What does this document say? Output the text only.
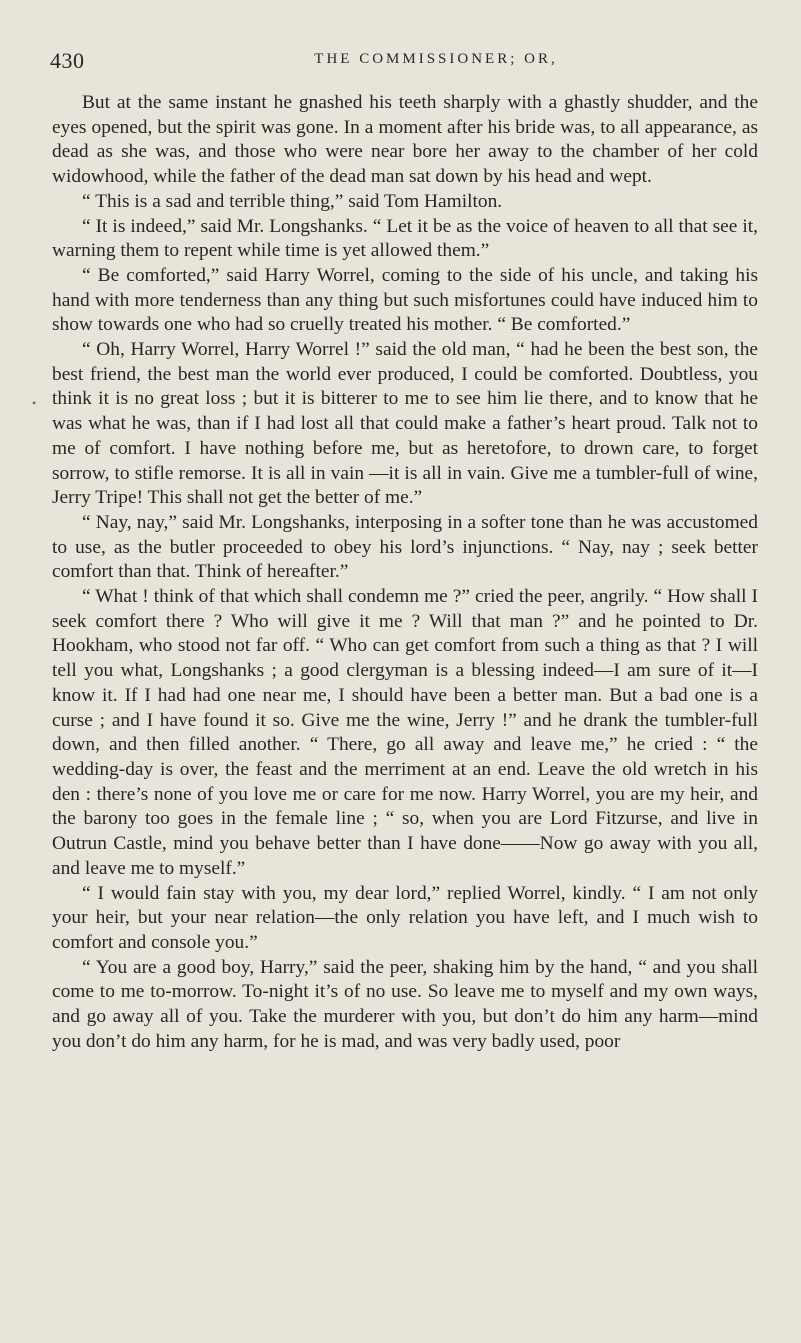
430	THE COMMISSIONER; OR,
•

But at the same instant he gnashed his teeth sharply with a ghastly shudder, and the eyes opened, but the spirit was gone. In a moment after his bride was, to all appearance, as dead as she was, and those who were near bore her away to the chamber of her cold widowhood, while the father of the dead man sat down by his head and wept.

“ This is a sad and terrible thing,” said Tom Hamilton.

“ It is indeed,” said Mr. Longshanks. “ Let it be as the voice of heaven to all that see it, warning them to repent while time is yet allowed them.”

“ Be comforted,” said Harry Worrel, coming to the side of his uncle, and taking his hand with more tenderness than any thing but such misfortunes could have induced him to show towards one who had so cruelly treated his mother. “ Be comforted.”

“ Oh, Harry Worrel, Harry Worrel !” said the old man, “ had he been the best son, the best friend, the best man the world ever produced, I could be comforted. Doubtless, you think it is no great loss ; but it is bitterer to me to see him lie there, and to know that he was what he was, than if I had lost all that could make a father’s heart proud. Talk not to me of comfort. I have nothing before me, but as heretofore, to drown care, to forget sorrow, to stifle remorse. It is all in vain —it is all in vain. Give me a tumbler-full of wine, Jerry Tripe! This shall not get the better of me.”

“ Nay, nay,” said Mr. Longshanks, interposing in a softer tone than he was accustomed to use, as the butler proceeded to obey his lord’s injunctions. “ Nay, nay ; seek better comfort than that. Think of hereafter.”

“ What ! think of that which shall condemn me ?” cried the peer, angrily. “ How shall I seek comfort there ? Who will give it me ? Will that man ?” and he pointed to Dr. Hookham, who stood not far off. “ Who can get comfort from such a thing as that ? I will tell you what, Longshanks ; a good clergyman is a blessing indeed—I am sure of it—I know it. If I had had one near me, I should have been a better man. But a bad one is a curse ; and I have found it so. Give me the wine, Jerry !” and he drank the tumbler-full down, and then filled another. “ There, go all away and leave me,” he cried : “ the wedding-day is over, the feast and the merriment at an end. Leave the old wretch in his den : there’s none of you love me or care for me now. Harry Worrel, you are my heir, and the barony too goes in the female line ; “ so, when you are Lord Fitzurse, and live in Outrun Castle, mind you behave better than I have done——Now go away with you all, and leave me to myself.”

“ I would fain stay with you, my dear lord,” replied Worrel, kindly. “ I am not only your heir, but your near relation—the only relation you have left, and I much wish to comfort and console you.”

“ You are a good boy, Harry,” said the peer, shaking him by the hand, “ and you shall come to me to-morrow. To-night it’s of no use. So leave me to myself and my own ways, and go away all of you. Take the murderer with you, but don’t do him any harm—mind you don’t do him any harm, for he is mad, and was very badly used, poor
